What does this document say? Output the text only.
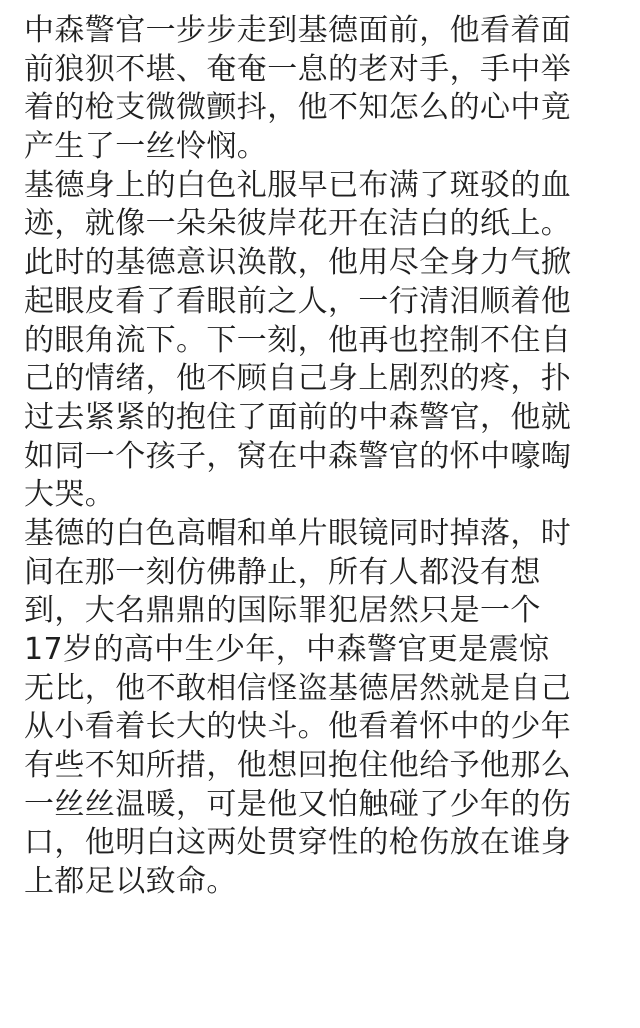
中森警官一步步走到基德面前，他看着面
前狼狈不堪、奄奄一息的老对手，手中举
着的枪支微微颤抖，他不知怎么的心中竟
产生了一丝怜悯。
基德身上的白色礼服早已布满了斑驳的血
迹，就像一朵朵彼岸花开在洁白的纸上。
此时的基德意识涣散，他用尽全身力气掀
起眼皮看了看眼前之人，一行清泪顺着他
的眼角流下。下一刻，他再也控制不住自
己的情绪，他不顾自己身上剧烈的疼，扑
过去紧紧的抱住了面前的中森警官，他就
如同一个孩子，窝在中森警官的怀中嚎啕
大哭。
基德的白色高帽和单片眼镜同时掉落，时
间在那一刻仿佛静止，所有人都没有想
到，大名鼎鼎的国际罪犯居然只是一个
17岁的高中生少年，中森警官更是震惊
无比，他不敢相信怪盗基德居然就是自己
从小看着长大的快斗。他看着怀中的少年
有些不知所措，他想回抱住他给予他那么
一丝丝温暖，可是他又怕触碰了少年的伤
口，他明白这两处贯穿性的枪伤放在谁身
上都足以致命。
